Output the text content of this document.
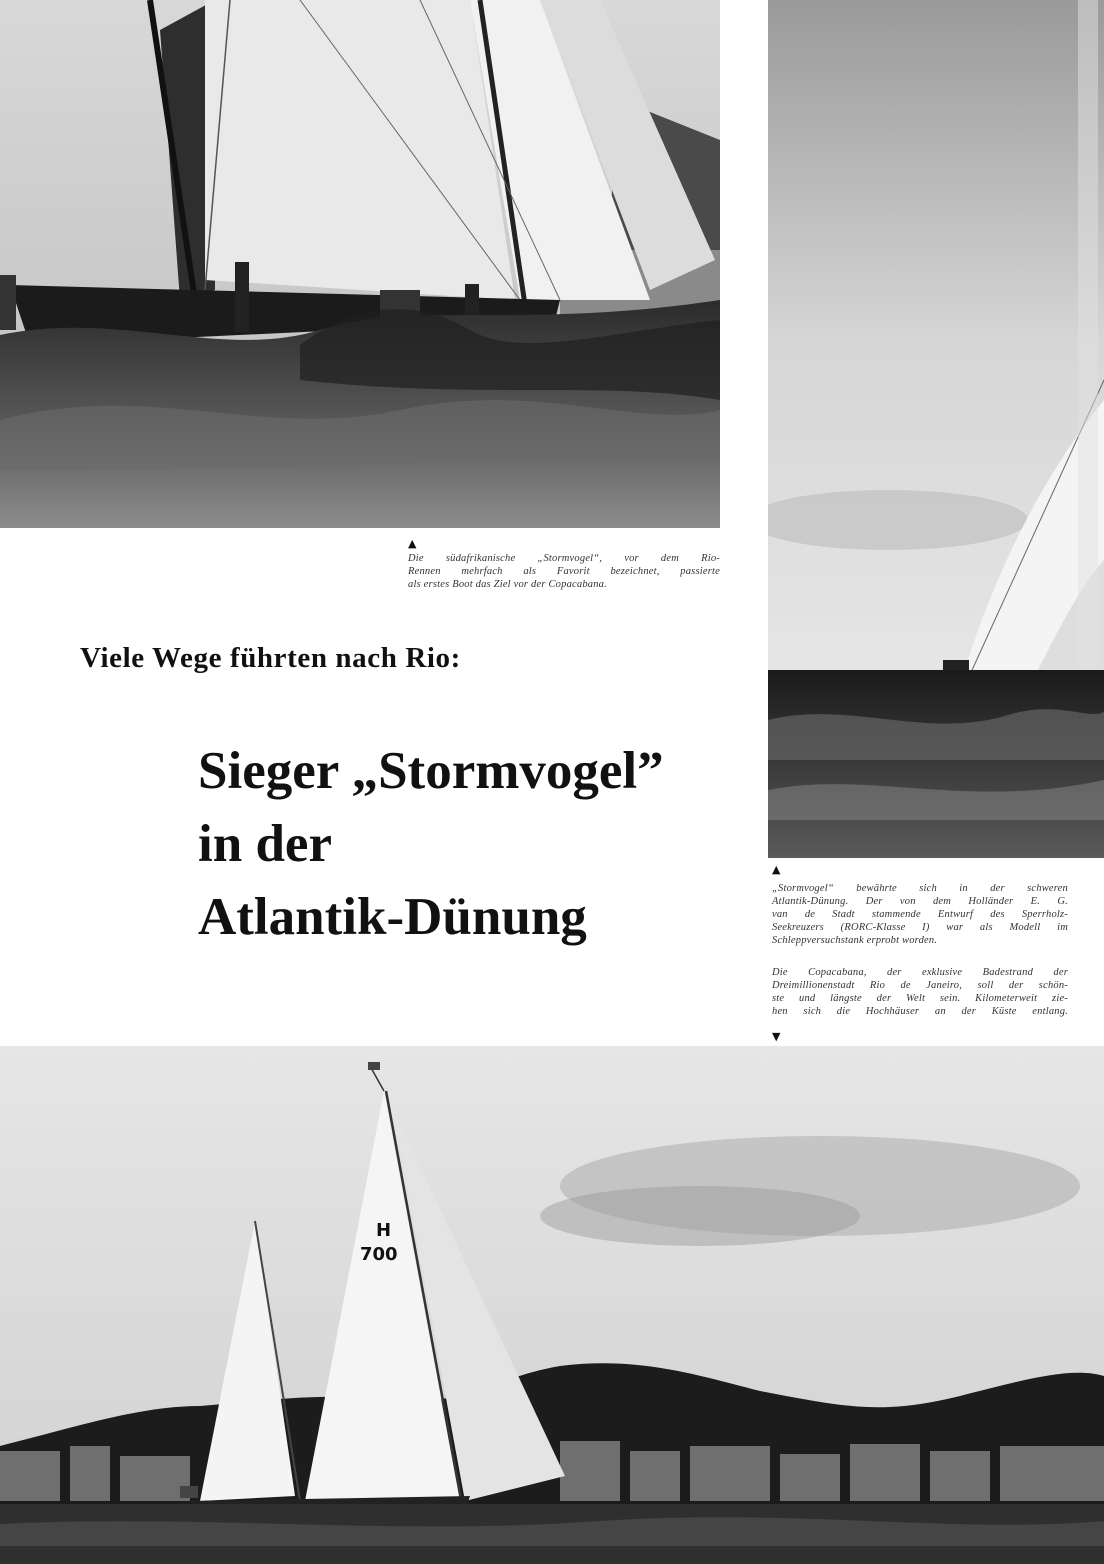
▲
Die südafrikanische „Stormvogel“, vor dem Rio-
Rennen mehrfach als Favorit bezeichnet, passierte
als erstes Boot das Ziel vor der Copacabana.
▲
„Stormvogel“ bewährte sich in der schweren
Atlantik-Dünung. Der von dem Holländer E. G.
van de Stadt stammende Entwurf des Sperrholz-
Seekreuzers (RORC-Klasse I) war als Modell im
Schleppversuchstank erprobt worden.
Die Copacabana, der exklusive Badestrand der
Dreimillionenstadt Rio de Janeiro, soll der schön-
ste und längste der Welt sein. Kilometerweit zie-
hen sich die Hochhäuser an der Küste entlang.
▼
Viele Wege führten nach Rio:
Sieger „Stormvogel”
in der
Atlantik-Dünung
H
700
